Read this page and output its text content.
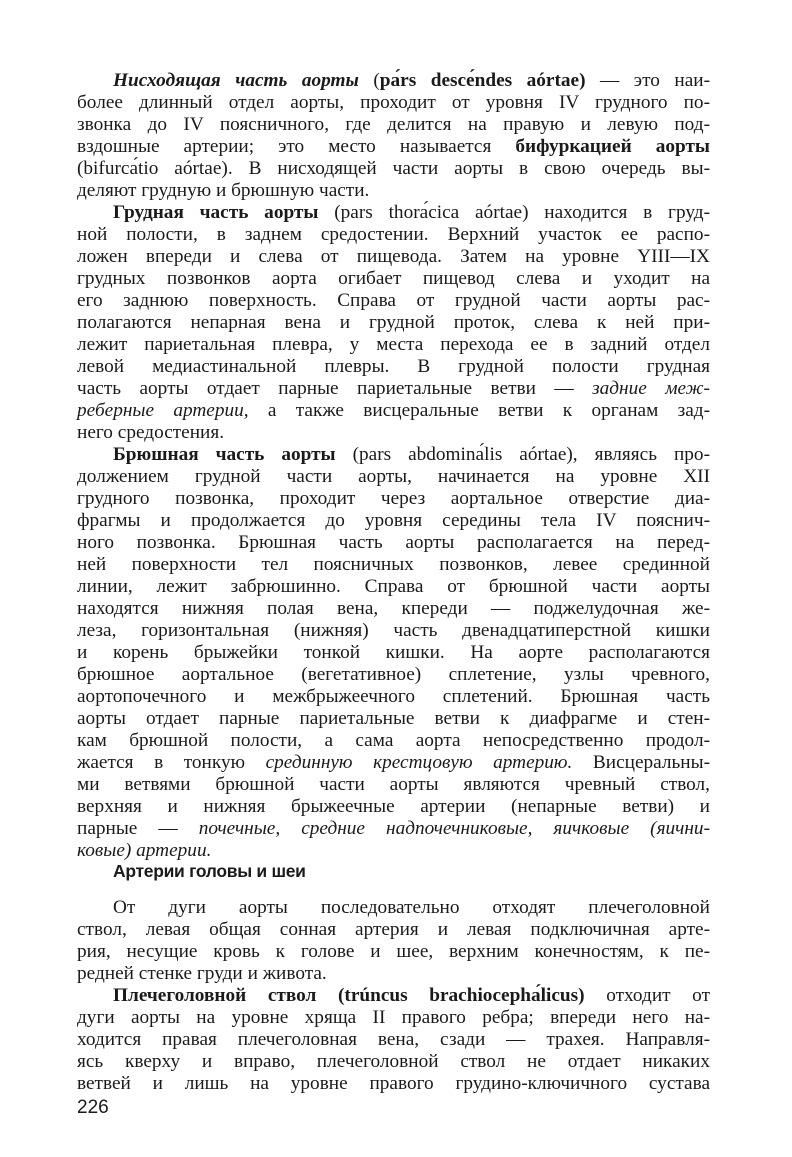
Нисходящая часть аорты (pа́rs descе́ndes aórtae) — это наи-
более длинный отдел аорты, проходит от уровня IV грудного по-
звонка до IV поясничного, где делится на правую и левую под-
вздошные артерии; это место называется бифуркацией аорты
(bifurcа́tio aórtae). В нисходящей части аорты в свою очередь вы-
деляют грудную и брюшную части.
Грудная часть аорты (pars thorа́cica aórtae) находится в груд-
ной полости, в заднем средостении. Верхний участок ее распо-
ложен впереди и слева от пищевода. Затем на уровне YIII—IX
грудных позвонков аорта огибает пищевод слева и уходит на
его заднюю поверхность. Справа от грудной части аорты рас-
полагаются непарная вена и грудной проток, слева к ней при-
лежит париетальная плевра, у места перехода ее в задний отдел
левой медиастинальной плевры. В грудной полости грудная
часть аорты отдает парные париетальные ветви — задние меж-
реберные артерии, а также висцеральные ветви к органам зад-
него средостения.
Брюшная часть аорты (pars abdominа́lis aórtae), являясь про-
должением грудной части аорты, начинается на уровне XII
грудного позвонка, проходит через аортальное отверстие диа-
фрагмы и продолжается до уровня середины тела IV пояснич-
ного позвонка. Брюшная часть аорты располагается на перед-
ней поверхности тел поясничных позвонков, левее срединной
линии, лежит забрюшинно. Справа от брюшной части аорты
находятся нижняя полая вена, кпереди — поджелудочная же-
леза, горизонтальная (нижняя) часть двенадцатиперстной кишки
и корень брыжейки тонкой кишки. На аорте располагаются
брюшное аортальное (вегетативное) сплетение, узлы чревного,
аортопочечного и межбрыжеечного сплетений. Брюшная часть
аорты отдает парные париетальные ветви к диафрагме и стен-
кам брюшной полости, а сама аорта непосредственно продол-
жается в тонкую срединную крестцовую артерию. Висцеральны-
ми ветвями брюшной части аорты являются чревный ствол,
верхняя и нижняя брыжеечные артерии (непарные ветви) и
парные — почечные, средние надпочечниковые, яичковые (яични-
ковые) артерии.
Артерии головы и шеи
От дуги аорты последовательно отходят плечеголовной
ствол, левая общая сонная артерия и левая подключичная арте-
рия, несущие кровь к голове и шее, верхним конечностям, к пе-
редней стенке груди и живота.
Плечеголовной ствол (trúncus brachiocephа́licus) отходит от
дуги аорты на уровне хряща II правого ребра; впереди него на-
ходится правая плечеголовная вена, сзади — трахея. Направля-
ясь кверху и вправо, плечеголовной ствол не отдает никаких
ветвей и лишь на уровне правого грудино-ключичного сустава
226
